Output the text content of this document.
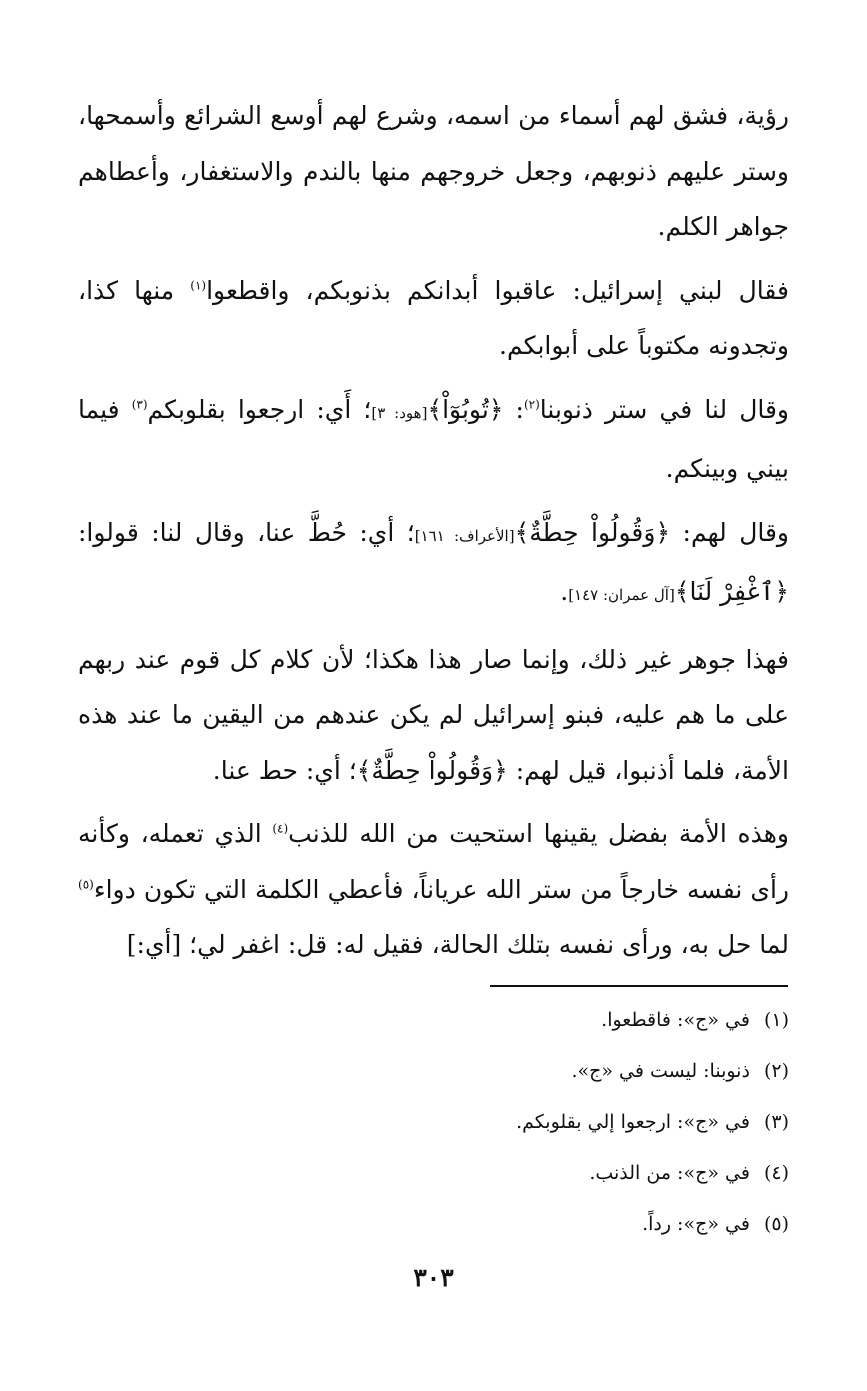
رؤية، فشق لهم أسماء من اسمه، وشرع لهم أوسع الشرائع وأسمحها، وستر عليهم ذنوبهم، وجعل خروجهم منها بالندم والاستغفار، وأعطاهم جواهر الكلم.

فقال لبني إسرائيل: عاقبوا أبدانكم بذنوبكم، واقطعوا$^{(١)}$ منها كذا، وتجدونه مكتوباً على أبوابكم.

وقال لنا في ستر ذنوبنا$^{(٢)}$: ﴿تُوبُوٓاْ﴾[هود: ٣]؛ أَي: ارجعوا بقلوبكم$^{(٣)}$ فيما بيني وبينكم.

وقال لهم: ﴿وَقُولُواْ حِطَّةٌ﴾[الأعراف: ١٦١]؛ أي: حُطَّ عنا، وقال لنا: قولوا: ﴿ٱغْفِرْ لَنَا﴾[آل عمران: ١٤٧].

فهذا جوهر غير ذلك، وإنما صار هذا هكذا؛ لأن كلام كل قوم عند ربهم على ما هم عليه، فبنو إسرائيل لم يكن عندهم من اليقين ما عند هذه الأمة، فلما أذنبوا، قيل لهم: ﴿وَقُولُواْ حِطَّةٌ﴾؛ أي: حط عنا.

وهذه الأمة بفضل يقينها استحيت من الله للذنب$^{(٤)}$ الذي تعمله، وكأنه رأى نفسه خارجاً من ستر الله عرياناً، فأعطي الكلمة التي تكون دواء$^{(٥)}$ لما حل به، ورأى نفسه بتلك الحالة، فقيل له: قل: اغفر لي؛ [أي:]

(١)في «ج»: فاقطعوا.
(٢)ذنوبنا: ليست في «ج».
(٣)في «ج»: ارجعوا إلي بقلوبكم.
(٤)في «ج»: من الذنب.
(٥)في «ج»: رداً.
٣٠٣
